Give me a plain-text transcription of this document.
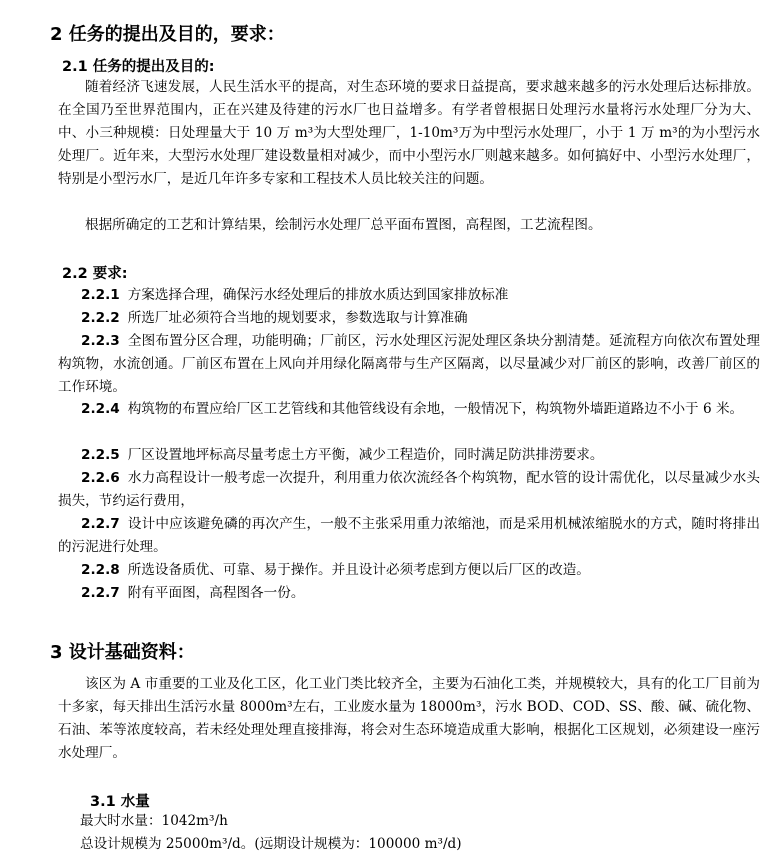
2 任务的提出及目的，要求：
2.1 任务的提出及目的:

随着经济飞速发展，人民生活水平的提高，对生态环境的要求日益提高，要求越来越多的污水处理后达标排放。在全国乃至世界范围内，正在兴建及待建的污水厂也日益增多。有学者曾根据日处理污水量将污水处理厂分为大、中、小三种规模：日处理量大于 10 万 m³为大型处理厂，1-10m³万为中型污水处理厂，小于 1 万 m³的为小型污水处理厂。近年来，大型污水处理厂建设数量相对减少，而中小型污水厂则越来越多。如何搞好中、小型污水处理厂，特别是小型污水厂，是近几年许多专家和工程技术人员比较关注的问题。

根据所确定的工艺和计算结果，绘制污水处理厂总平面布置图，高程图，工艺流程图。

2.2 要求:

2.2.1 方案选择合理，确保污水经处理后的排放水质达到国家排放标准

2.2.2 所选厂址必须符合当地的规划要求，参数选取与计算准确

2.2.3 全图布置分区合理，功能明确；厂前区，污水处理区污泥处理区条块分割清楚。延流程方向依次布置处理构筑物，水流创通。厂前区布置在上风向并用绿化隔离带与生产区隔离，以尽量减少对厂前区的影响，改善厂前区的工作环境。

2.2.4 构筑物的布置应给厂区工艺管线和其他管线设有余地，一般情况下，构筑物外墙距道路边不小于 6 米。

2.2.5 厂区设置地坪标高尽量考虑土方平衡，减少工程造价，同时满足防洪排涝要求。

2.2.6 水力高程设计一般考虑一次提升，利用重力依次流经各个构筑物，配水管的设计需优化，以尽量减少水头损失，节约运行费用，

2.2.7 设计中应该避免磷的再次产生，一般不主张采用重力浓缩池，而是采用机械浓缩脱水的方式，随时将排出的污泥进行处理。

2.2.8 所选设备质优、可靠、易于操作。并且设计必须考虑到方便以后厂区的改造。

2.2.7 附有平面图，高程图各一份。

3 设计基础资料：

该区为 A 市重要的工业及化工区，化工业门类比较齐全，主要为石油化工类，并规模较大，具有的化工厂目前为十多家，每天排出生活污水量 8000m³左右，工业废水量为 18000m³，污水 BOD、COD、SS、酸、碱、硫化物、石油、苯等浓度较高，若未经处理处理直接排海，将会对生态环境造成重大影响，根据化工区规划，必须建设一座污水处理厂。

3.1 水量

最大时水量：1042m³/h

总设计规模为 25000m³/d。(远期设计规模为：100000 m³/d)
